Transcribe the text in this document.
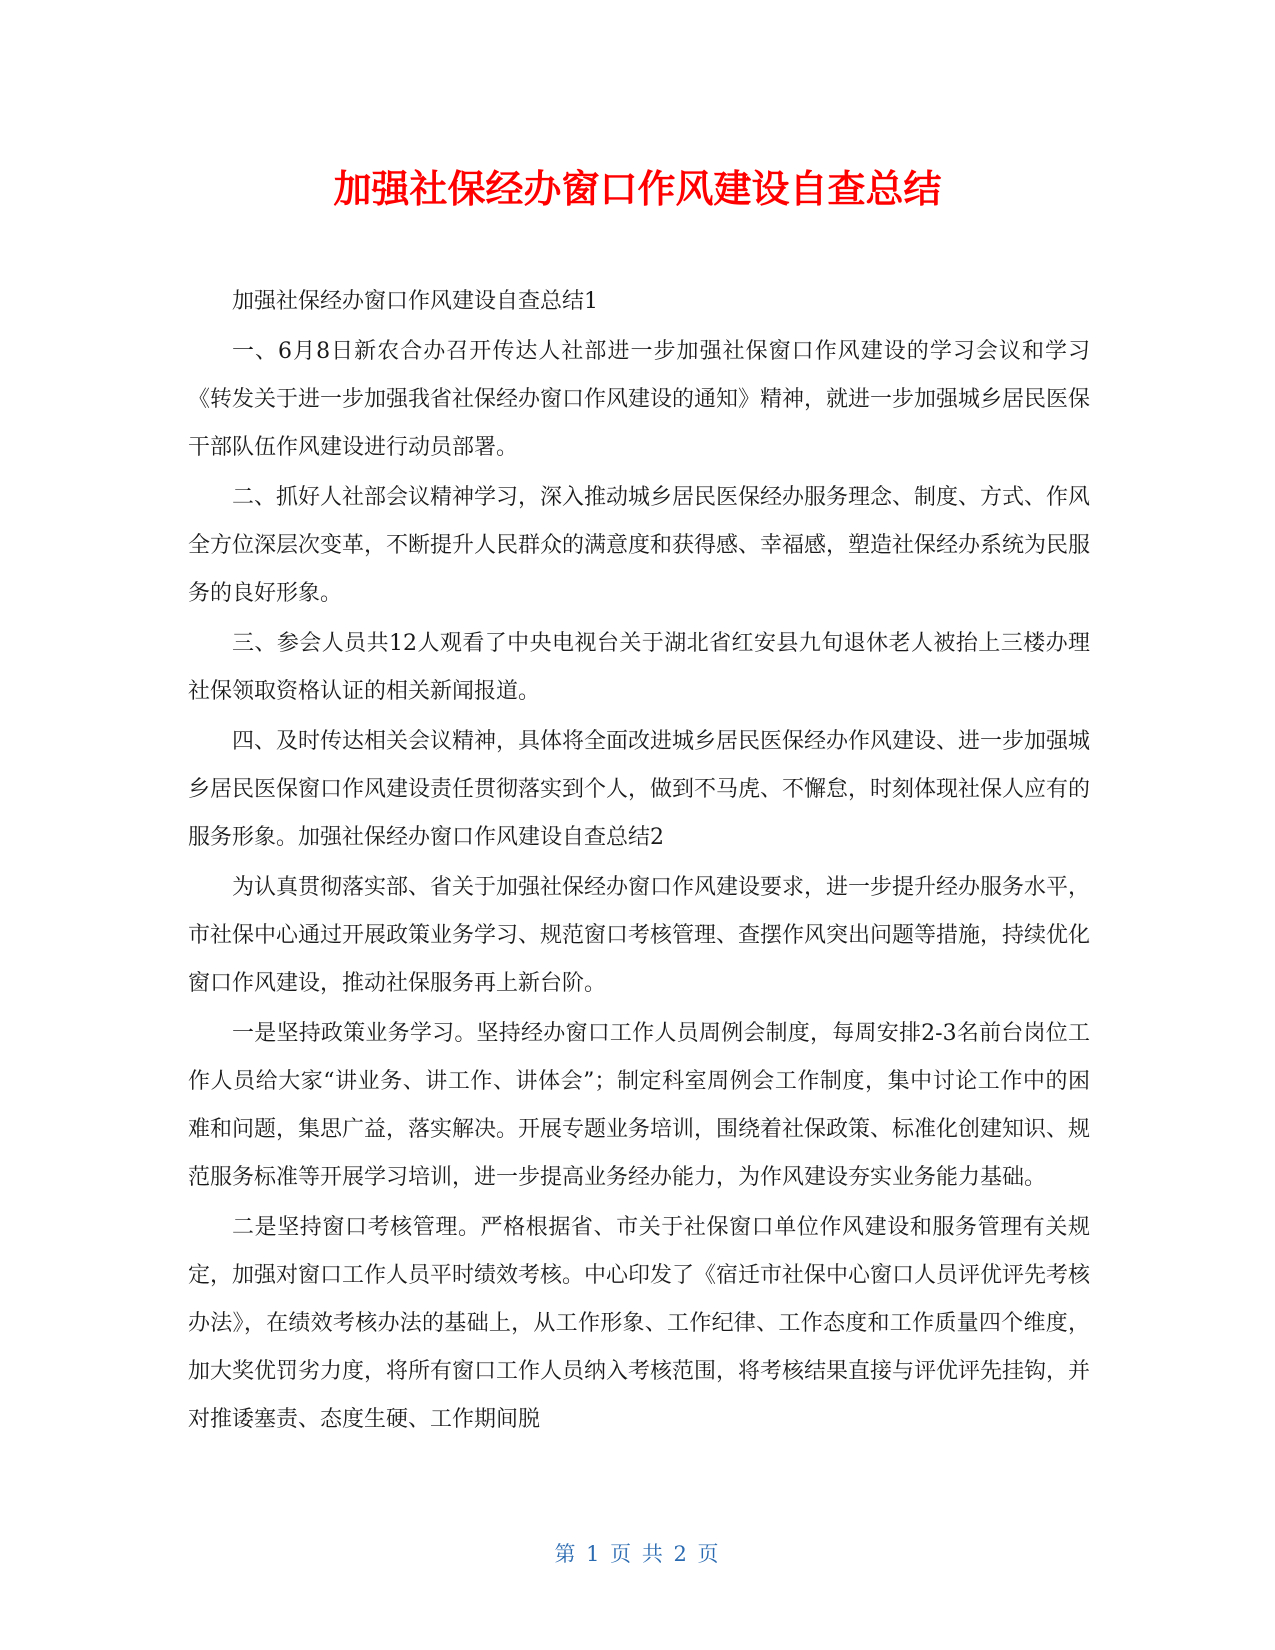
加强社保经办窗口作风建设自查总结

加强社保经办窗口作风建设自查总结1

一、6月8日新农合办召开传达人社部进一步加强社保窗口作风建设的学习会议和学习《转发关于进一步加强我省社保经办窗口作风建设的通知》精神，就进一步加强城乡居民医保干部队伍作风建设进行动员部署。

二、抓好人社部会议精神学习，深入推动城乡居民医保经办服务理念、制度、方式、作风全方位深层次变革，不断提升人民群众的满意度和获得感、幸福感，塑造社保经办系统为民服务的良好形象。

三、参会人员共12人观看了中央电视台关于湖北省红安县九旬退休老人被抬上三楼办理社保领取资格认证的相关新闻报道。

四、及时传达相关会议精神，具体将全面改进城乡居民医保经办作风建设、进一步加强城乡居民医保窗口作风建设责任贯彻落实到个人，做到不马虎、不懈怠，时刻体现社保人应有的服务形象。加强社保经办窗口作风建设自查总结2

为认真贯彻落实部、省关于加强社保经办窗口作风建设要求，进一步提升经办服务水平，市社保中心通过开展政策业务学习、规范窗口考核管理、查摆作风突出问题等措施，持续优化窗口作风建设，推动社保服务再上新台阶。

一是坚持政策业务学习。坚持经办窗口工作人员周例会制度，每周安排2-3名前台岗位工作人员给大家“讲业务、讲工作、讲体会”；制定科室周例会工作制度，集中讨论工作中的困难和问题，集思广益，落实解决。开展专题业务培训，围绕着社保政策、标准化创建知识、规范服务标准等开展学习培训，进一步提高业务经办能力，为作风建设夯实业务能力基础。

二是坚持窗口考核管理。严格根据省、市关于社保窗口单位作风建设和服务管理有关规定，加强对窗口工作人员平时绩效考核。中心印发了《宿迁市社保中心窗口人员评优评先考核办法》，在绩效考核办法的基础上，从工作形象、工作纪律、工作态度和工作质量四个维度，加大奖优罚劣力度，将所有窗口工作人员纳入考核范围，将考核结果直接与评优评先挂钩，并对推诿塞责、态度生硬、工作期间脱

第 1 页 共 2 页
